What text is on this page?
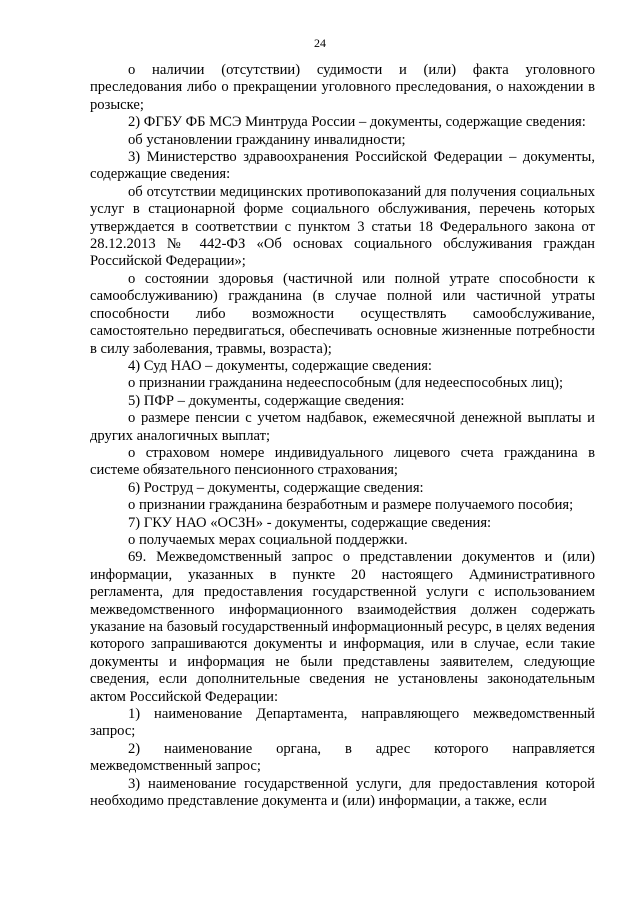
24

о наличии (отсутствии) судимости и (или) факта уголовного преследования либо о прекращении уголовного преследования, о нахождении в розыске;

2) ФГБУ ФБ МСЭ Минтруда России – документы, содержащие сведения:

об установлении гражданину инвалидности;

3) Министерство здравоохранения Российской Федерации – документы, содержащие сведения:

об отсутствии медицинских противопоказаний для получения социальных услуг в стационарной форме социального обслуживания, перечень которых утверждается в соответствии с пунктом 3 статьи 18 Федерального закона от 28.12.2013 № 442-ФЗ «Об основах социального обслуживания граждан Российской Федерации»;

о состоянии здоровья (частичной или полной утрате способности к самообслуживанию) гражданина (в случае полной или частичной утраты способности либо возможности осуществлять самообслуживание, самостоятельно передвигаться, обеспечивать основные жизненные потребности в силу заболевания, травмы, возраста);

4) Суд НАО – документы, содержащие сведения:

о признании гражданина недееспособным (для недееспособных лиц);

5) ПФР – документы, содержащие сведения:

о размере пенсии с учетом надбавок, ежемесячной денежной выплаты и других аналогичных выплат;

о страховом номере индивидуального лицевого счета гражданина в системе обязательного пенсионного страхования;

6) Роструд – документы, содержащие сведения:

о признании гражданина безработным и размере получаемого пособия;

7) ГКУ НАО «ОСЗН» - документы, содержащие сведения:

о получаемых мерах социальной поддержки.

69. Межведомственный запрос о представлении документов и (или) информации, указанных в пункте 20 настоящего Административного регламента, для предоставления государственной услуги с использованием межведомственного информационного взаимодействия должен содержать указание на базовый государственный информационный ресурс, в целях ведения которого запрашиваются документы и информация, или в случае, если такие документы и информация не были представлены заявителем, следующие сведения, если дополнительные сведения не установлены законодательным актом Российской Федерации:

1) наименование Департамента, направляющего межведомственный запрос;

2) наименование органа, в адрес которого направляется межведомственный запрос;

3) наименование государственной услуги, для предоставления которой необходимо представление документа и (или) информации, а также, если
